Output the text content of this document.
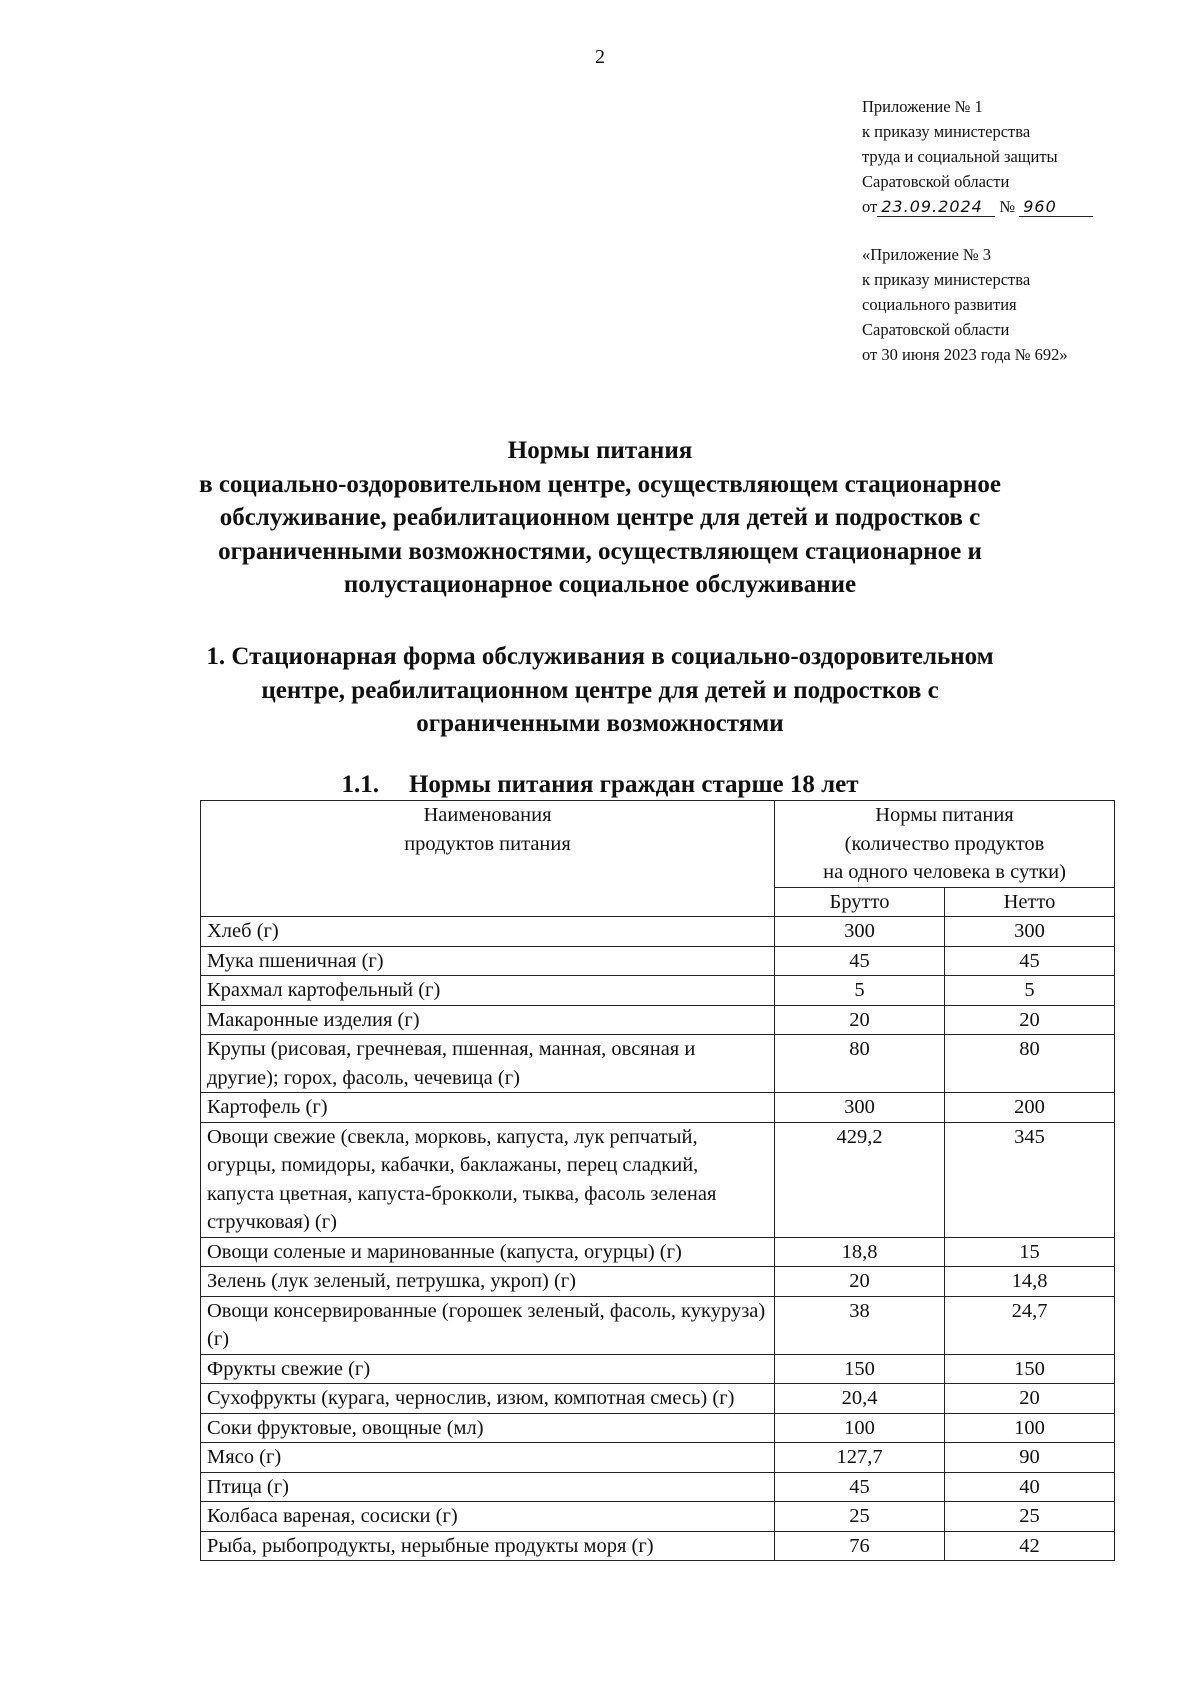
2
Приложение № 1
к приказу министерства
труда и социальной защиты
Саратовской области
от 23.09.2024 № 960
«Приложение № 3
к приказу министерства
социального развития
Саратовской области
от 30 июня 2023 года № 692»
Нормы питания
в социально-оздоровительном центре, осуществляющем стационарное
обслуживание, реабилитационном центре для детей и подростков с
ограниченными возможностями, осуществляющем стационарное и
полустационарное социальное обслуживание
1. Стационарная форма обслуживания в социально-оздоровительном
центре, реабилитационном центре для детей и подростков с
ограниченными возможностями
1.1. Нормы питания граждан старше 18 лет
Наименования
продуктов питания	Нормы питания
(количество продуктов
на одного человека в сутки)	

	Брутто	Нетто
Хлеб (г)	300	300
Мука пшеничная (г)	45	45
Крахмал картофельный (г)	5	5
Макаронные изделия (г)	20	20
Крупы (рисовая, гречневая, пшенная, манная, овсяная и другие); горох, фасоль, чечевица (г)	80	80
Картофель (г)	300	200
Овощи свежие (свекла, морковь, капуста, лук репчатый, огурцы, помидоры, кабачки, баклажаны, перец сладкий, капуста цветная, капуста-брокколи, тыква, фасоль зеленая стручковая) (г)	429,2	345
Овощи соленые и маринованные (капуста, огурцы) (г)	18,8	15
Зелень (лук зеленый, петрушка, укроп) (г)	20	14,8
Овощи консервированные (горошек зеленый, фасоль, кукуруза) (г)	38	24,7
Фрукты свежие (г)	150	150
Сухофрукты (курага, чернослив, изюм, компотная смесь) (г)	20,4	20
Соки фруктовые, овощные (мл)	100	100
Мясо (г)	127,7	90
Птица (г)	45	40
Колбаса вареная, сосиски (г)	25	25
Рыба, рыбопродукты, нерыбные продукты моря (г)	76	42
